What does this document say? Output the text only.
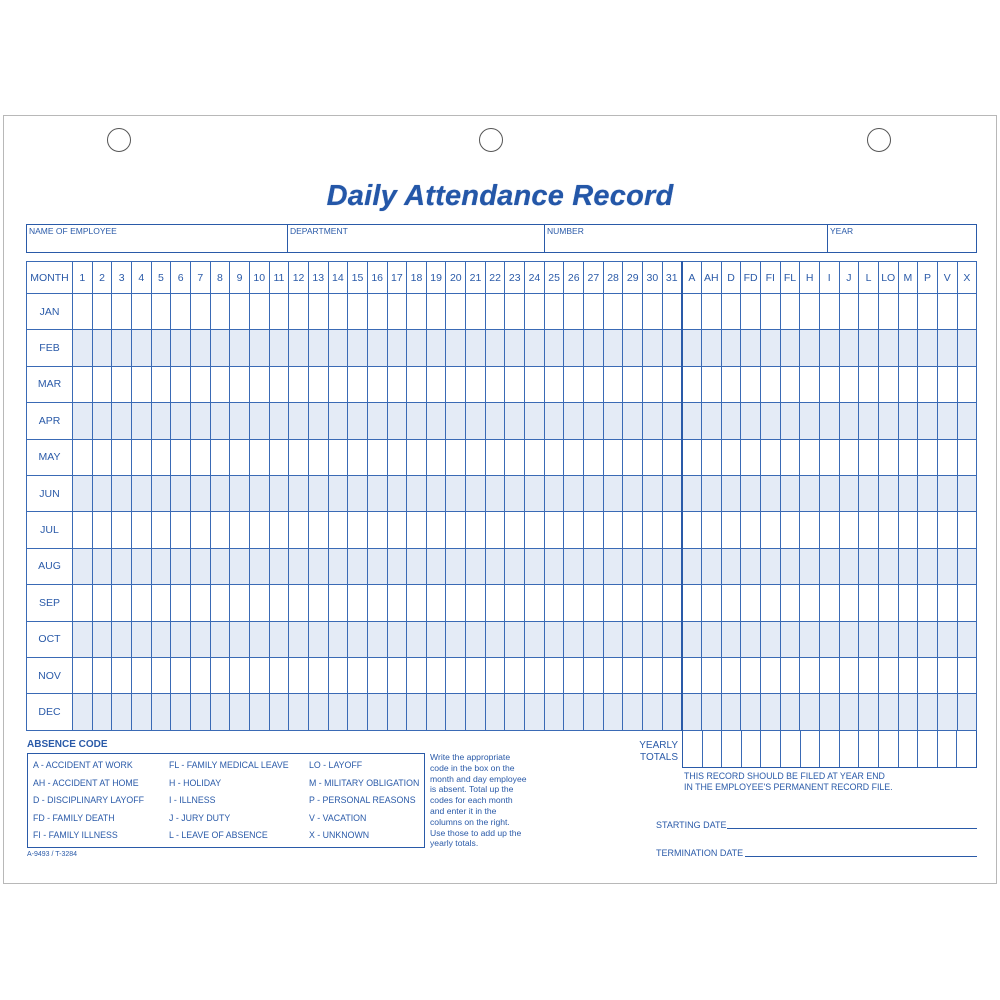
Daily Attendance Record
NAME OF EMPLOYEE	DEPARTMENT	NUMBER	YEAR
MONTH	1	2	3	4	5	6	7	8	9	10	11	12	13	14	15	16	17	18	19	20	21	22	23	24	25	26	27	28	29	30	31	A	AH	D	FD	FI	FL	H	I	J	L	LO	M	P	V	X
JAN																																														
FEB																																														
MAR																																														
APR																																														
MAY																																														
JUN																																														
JUL																																														
AUG																																														
SEP																																														
OCT																																														
NOV																																														
DEC																																														
YEARLY
TOTALS
ABSENCE CODE
A - ACCIDENT AT WORK
AH - ACCIDENT AT HOME
D - DISCIPLINARY LAYOFF
FD - FAMILY DEATH
FI - FAMILY ILLNESS
FL - FAMILY MEDICAL LEAVE
H - HOLIDAY
I - ILLNESS
J - JURY DUTY
L - LEAVE OF ABSENCE
LO - LAYOFF
M - MILITARY OBLIGATION
P - PERSONAL REASONS
V - VACATION
X - UNKNOWN
Write the appropriate
code in the box on the
month and day employee
is absent. Total up the
codes for each month
and enter it in the
columns on the right.
Use those to add up the
yearly totals.
THIS RECORD SHOULD BE FILED AT YEAR END
IN THE EMPLOYEE'S PERMANENT RECORD FILE.
STARTING DATE
TERMINATION DATE
A-9493 / T-3284
